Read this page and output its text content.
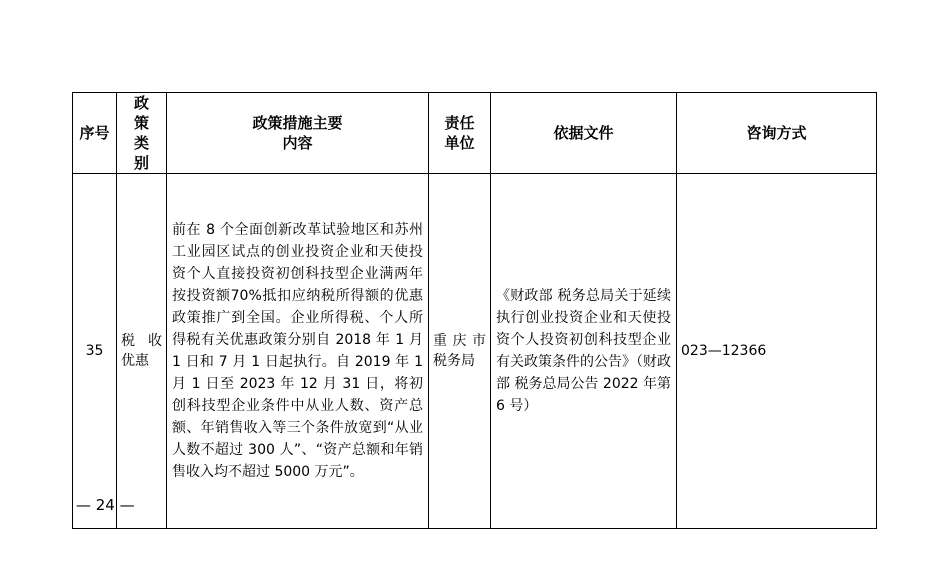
序号	政策类别	政策措施主要内容	责任单位	依据文件	咨询方式
35	税收优惠	前在 8 个全面创新改革试验地区和苏州工业园区试点的创业投资企业和天使投资个人直接投资初创科技型企业满两年按投资额70%抵扣应纳税所得额的优惠政策推广到全国。企业所得税、个人所得税有关优惠政策分别自 2018 年 1 月 1 日和 7 月 1 日起执行。自 2019 年 1 月 1 日至 2023 年 12 月 31 日，将初创科技型企业条件中从业人数、资产总额、年销售收入等三个条件放宽到“从业人数不超过 300 人”、“资产总额和年销售收入均不超过 5000 万元”。	重庆市税务局	《财政部 税务总局关于延续执行创业投资企业和天使投资个人投资初创科技型企业有关政策条件的公告》（财政部 税务总局公告 2022 年第 6 号）	023—12366
— 24 —
